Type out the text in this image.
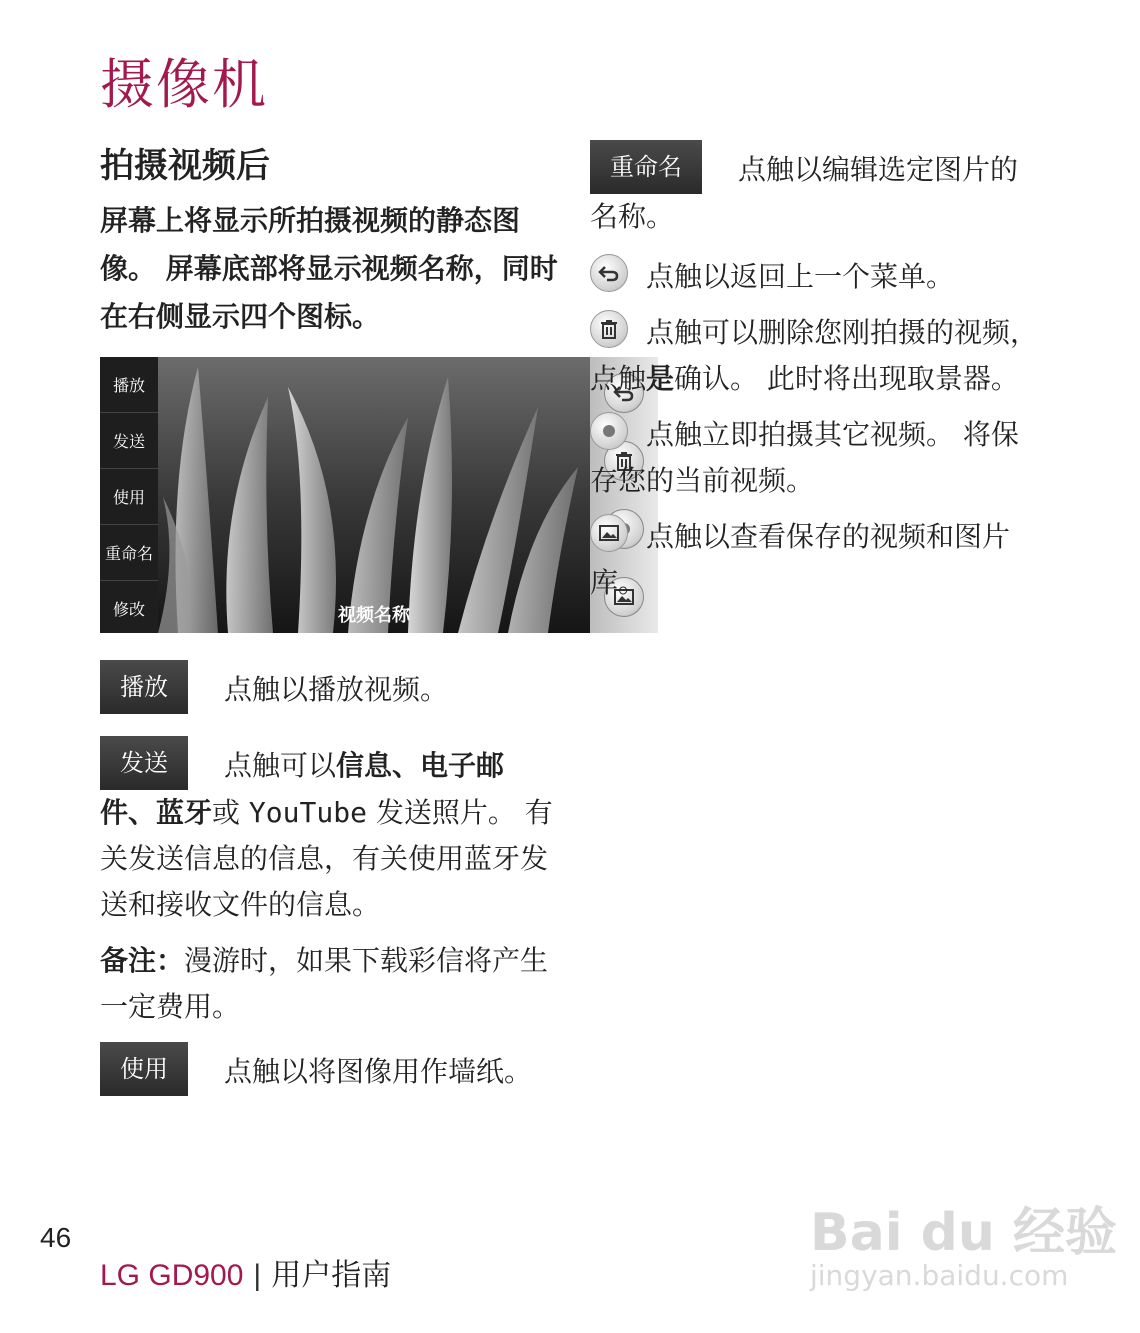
摄像机
拍摄视频后
屏幕上将显示所拍摄视频的静态图像。 屏幕底部将显示视频名称，同时在右侧显示四个图标。
播放
发送
使用
重命名
修改	视频名称
播放 点触以播放视频。
发送 点触可以信息、电子邮件、蓝牙或 YouTube 发送照片。 有关发送信息的信息，有关使用蓝牙发送和接收文件的信息。
备注：漫游时，如果下载彩信将产生一定费用。
使用 点触以将图像用作墙纸。
重命名 点触以编辑选定图片的名称。
点触以返回上一个菜单。
点触可以删除您刚拍摄的视频，点触是确认。 此时将出现取景器。
点触立即拍摄其它视频。 将保存您的当前视频。
点触以查看保存的视频和图片库。
46
LG GD900 | 用户指南
Bai du 经验
jingyan.baidu.com
